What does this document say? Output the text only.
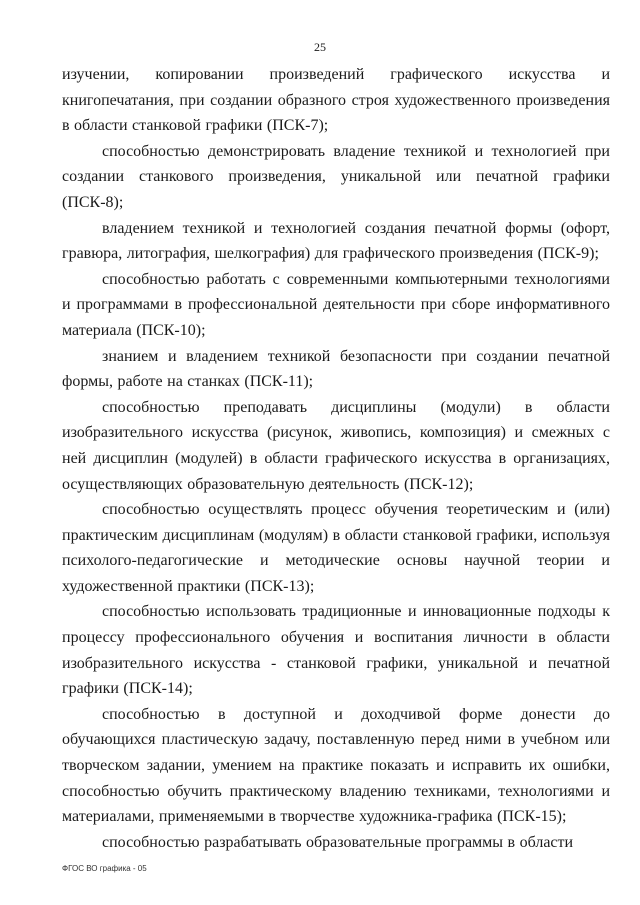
25

изучении, копировании произведений графического искусства и книгопечатания, при создании образного строя художественного произведения в области станковой графики (ПСК-7);

способностью демонстрировать владение техникой и технологией при создании станкового произведения, уникальной или печатной графики (ПСК-8);

владением техникой и технологией создания печатной формы (офорт, гравюра, литография, шелкография) для графического произведения (ПСК-9);

способностью работать с современными компьютерными технологиями и программами в профессиональной деятельности при сборе информативного материала (ПСК-10);

знанием и владением техникой безопасности при создании печатной формы, работе на станках (ПСК-11);

способностью преподавать дисциплины (модули) в области изобразительного искусства (рисунок, живопись, композиция) и смежных с ней дисциплин (модулей) в области графического искусства в организациях, осуществляющих образовательную деятельность (ПСК-12);

способностью осуществлять процесс обучения теоретическим и (или) практическим дисциплинам (модулям) в области станковой графики, используя психолого-педагогические и методические основы научной теории и художественной практики (ПСК-13);

способностью использовать традиционные и инновационные подходы к процессу профессионального обучения и воспитания личности в области изобразительного искусства - станковой графики, уникальной и печатной графики (ПСК-14);

способностью в доступной и доходчивой форме донести до обучающихся пластическую задачу, поставленную перед ними в учебном или творческом задании, умением на практике показать и исправить их ошибки, способностью обучить практическому владению техниками, технологиями и материалами, применяемыми в творчестве художника-графика (ПСК-15);

способностью разрабатывать образовательные программы в области

ФГОС ВО графика - 05
